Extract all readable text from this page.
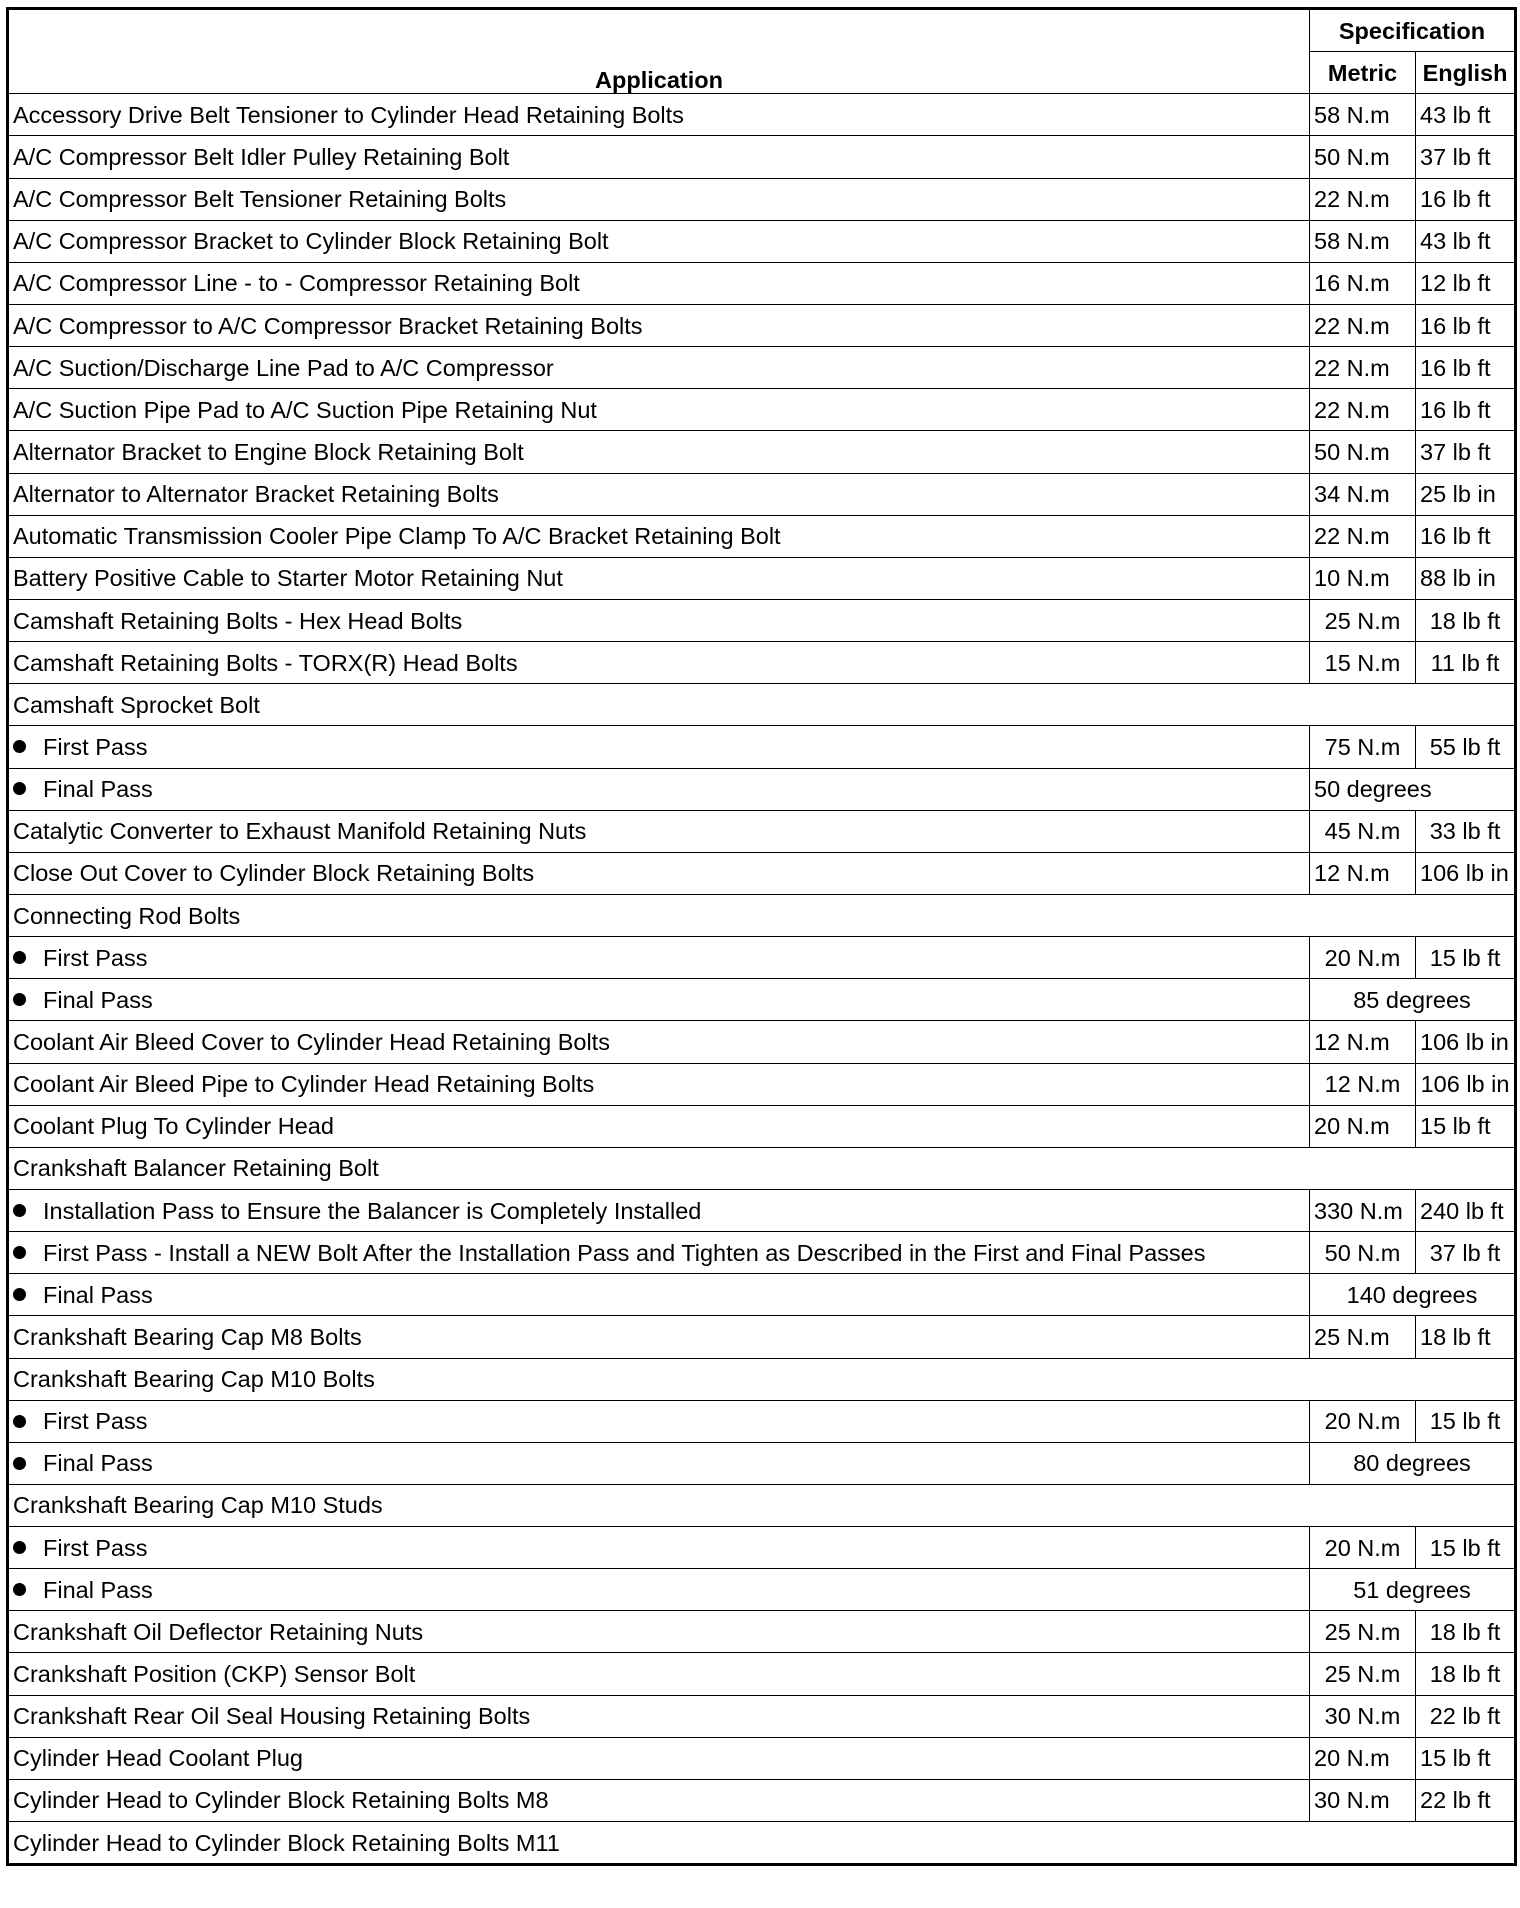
Application	Specification	
	Metric	English
Accessory Drive Belt Tensioner to Cylinder Head Retaining Bolts	58 N.m	43 lb ft
A/C Compressor Belt Idler Pulley Retaining Bolt	50 N.m	37 lb ft
A/C Compressor Belt Tensioner Retaining Bolts	22 N.m	16 lb ft
A/C Compressor Bracket to Cylinder Block Retaining Bolt	58 N.m	43 lb ft
A/C Compressor Line - to - Compressor Retaining Bolt	16 N.m	12 lb ft
A/C Compressor to A/C Compressor Bracket Retaining Bolts	22 N.m	16 lb ft
A/C Suction/Discharge Line Pad to A/C Compressor	22 N.m	16 lb ft
A/C Suction Pipe Pad to A/C Suction Pipe Retaining Nut	22 N.m	16 lb ft
Alternator Bracket to Engine Block Retaining Bolt	50 N.m	37 lb ft
Alternator to Alternator Bracket Retaining Bolts	34 N.m	25 lb in
Automatic Transmission Cooler Pipe Clamp To A/C Bracket Retaining Bolt	22 N.m	16 lb ft
Battery Positive Cable to Starter Motor Retaining Nut	10 N.m	88 lb in
Camshaft Retaining Bolts - Hex Head Bolts	25 N.m	18 lb ft
Camshaft Retaining Bolts - TORX(R) Head Bolts	15 N.m	11 lb ft
Camshaft Sprocket Bolt		
First Pass	75 N.m	55 lb ft
Final Pass	50 degrees	
Catalytic Converter to Exhaust Manifold Retaining Nuts	45 N.m	33 lb ft
Close Out Cover to Cylinder Block Retaining Bolts	12 N.m	106 lb in
Connecting Rod Bolts		
First Pass	20 N.m	15 lb ft
Final Pass	85 degrees	
Coolant Air Bleed Cover to Cylinder Head Retaining Bolts	12 N.m	106 lb in
Coolant Air Bleed Pipe to Cylinder Head Retaining Bolts	12 N.m	106 lb in
Coolant Plug To Cylinder Head	20 N.m	15 lb ft
Crankshaft Balancer Retaining Bolt		
Installation Pass to Ensure the Balancer is Completely Installed	330 N.m	240 lb ft
First Pass - Install a NEW Bolt After the Installation Pass and Tighten as Described in the First and Final Passes	50 N.m	37 lb ft
Final Pass	140 degrees	
Crankshaft Bearing Cap M8 Bolts	25 N.m	18 lb ft
Crankshaft Bearing Cap M10 Bolts		
First Pass	20 N.m	15 lb ft
Final Pass	80 degrees	
Crankshaft Bearing Cap M10 Studs		
First Pass	20 N.m	15 lb ft
Final Pass	51 degrees	
Crankshaft Oil Deflector Retaining Nuts	25 N.m	18 lb ft
Crankshaft Position (CKP) Sensor Bolt	25 N.m	18 lb ft
Crankshaft Rear Oil Seal Housing Retaining Bolts	30 N.m	22 lb ft
Cylinder Head Coolant Plug	20 N.m	15 lb ft
Cylinder Head to Cylinder Block Retaining Bolts M8	30 N.m	22 lb ft
Cylinder Head to Cylinder Block Retaining Bolts M11		
